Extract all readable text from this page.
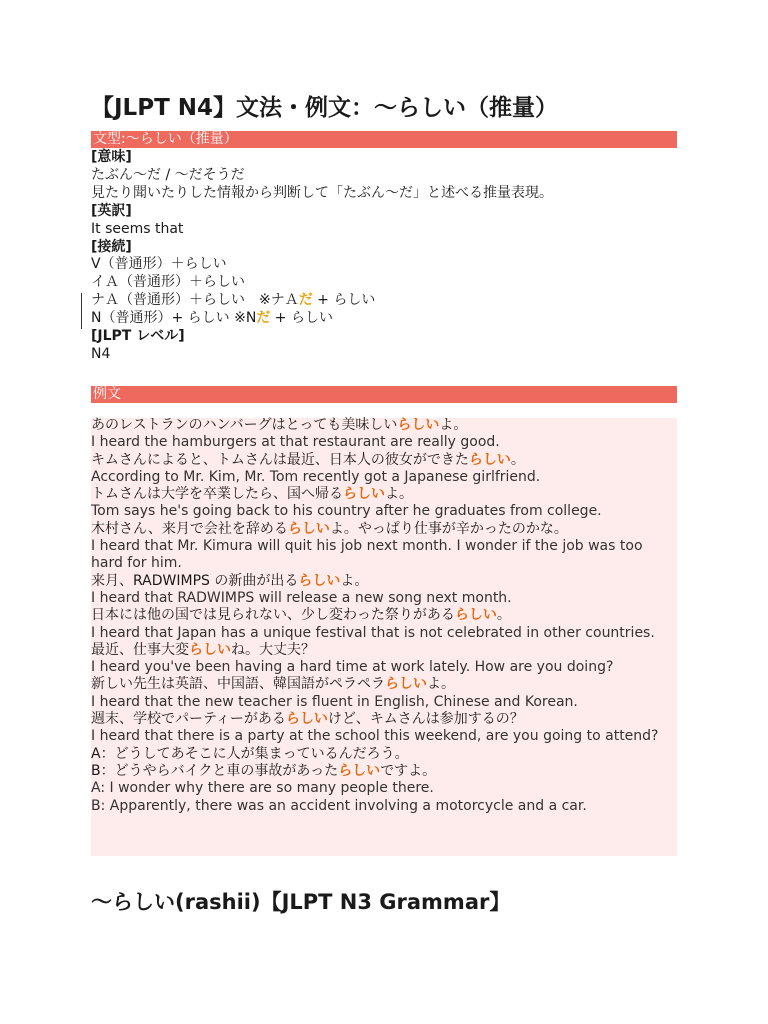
【JLPT N4】文法・例文：〜らしい（推量）
文型:〜らしい（推量）
[意味]
たぶん〜だ / 〜だそうだ
見たり聞いたりした情報から判断して「たぶん〜だ」と述べる推量表現。
[英訳]
It seems that
[接続]
V（普通形）＋らしい
イＡ（普通形）＋らしい
ナＡ（普通形）＋らしい　※ナＡだ + らしい
N（普通形）+ らしい ※Nだ + らしい
[JLPT レベル]
N4
例文
あのレストランのハンバーグはとっても美味しいらしいよ。
I heard the hamburgers at that restaurant are really good.
キムさんによると、トムさんは最近、日本人の彼女ができたらしい。
According to Mr. Kim, Mr. Tom recently got a Japanese girlfriend.
トムさんは大学を卒業したら、国へ帰るらしいよ。
Tom says he's going back to his country after he graduates from college.
木村さん、来月で会社を辞めるらしいよ。やっぱり仕事が辛かったのかな。
I heard that Mr. Kimura will quit his job next month. I wonder if the job was too hard for him.
来月、RADWIMPS の新曲が出るらしいよ。
I heard that RADWIMPS will release a new song next month.
日本には他の国では見られない、少し変わった祭りがあるらしい。
I heard that Japan has a unique festival that is not celebrated in other countries.
最近、仕事大変らしいね。大丈夫？
I heard you've been having a hard time at work lately. How are you doing?
新しい先生は英語、中国語、韓国語がペラペラらしいよ。
I heard that the new teacher is fluent in English, Chinese and Korean.
週末、学校でパーティーがあるらしいけど、キムさんは参加するの？
I heard that there is a party at the school this weekend, are you going to attend?
A：どうしてあそこに人が集まっているんだろう。
B：どうやらバイクと車の事故があったらしいですよ。
A: I wonder why there are so many people there.
B: Apparently, there was an accident involving a motorcycle and a car.
〜らしい(rashii)【JLPT N3 Grammar】
